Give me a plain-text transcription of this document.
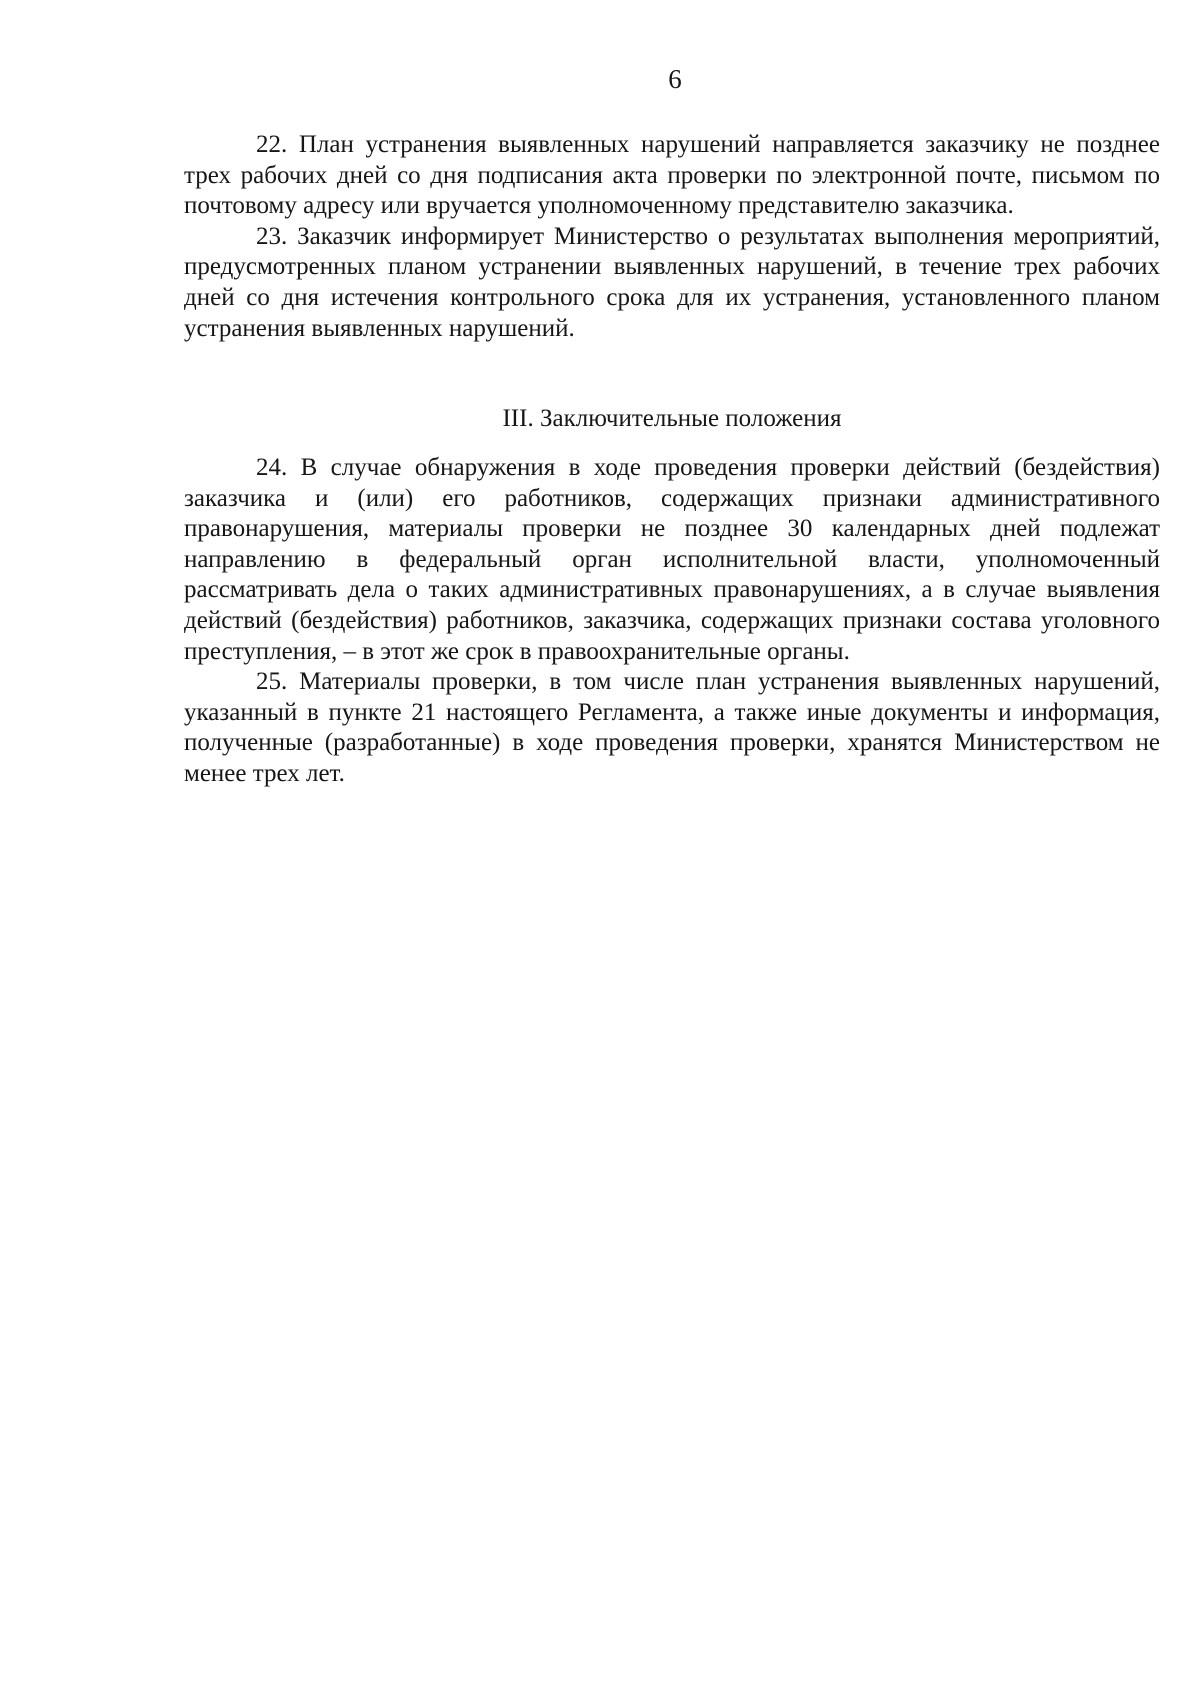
6

22. План устранения выявленных нарушений направляется заказчику не позднее трех рабочих дней со дня подписания акта проверки по электронной почте, письмом по почтовому адресу или вручается уполномоченному представителю заказчика.

23. Заказчик информирует Министерство о результатах выполнения мероприятий, предусмотренных планом устранении выявленных нарушений, в течение трех рабочих дней со дня истечения контрольного срока для их устранения, установленного планом устранения выявленных нарушений.

III. Заключительные положения

24. В случае обнаружения в ходе проведения проверки действий (бездействия) заказчика и (или) его работников, содержащих признаки административного правонарушения, материалы проверки не позднее 30 календарных дней подлежат направлению в федеральный орган исполнительной власти, уполномоченный рассматривать дела о таких административных правонарушениях, а в случае выявления действий (бездействия) работников, заказчика, содержащих признаки состава уголовного преступления, – в этот же срок в правоохранительные органы.

25. Материалы проверки, в том числе план устранения выявленных нарушений, указанный в пункте 21 настоящего Регламента, а также иные документы и информация, полученные (разработанные) в ходе проведения проверки, хранятся Министерством не менее трех лет.
